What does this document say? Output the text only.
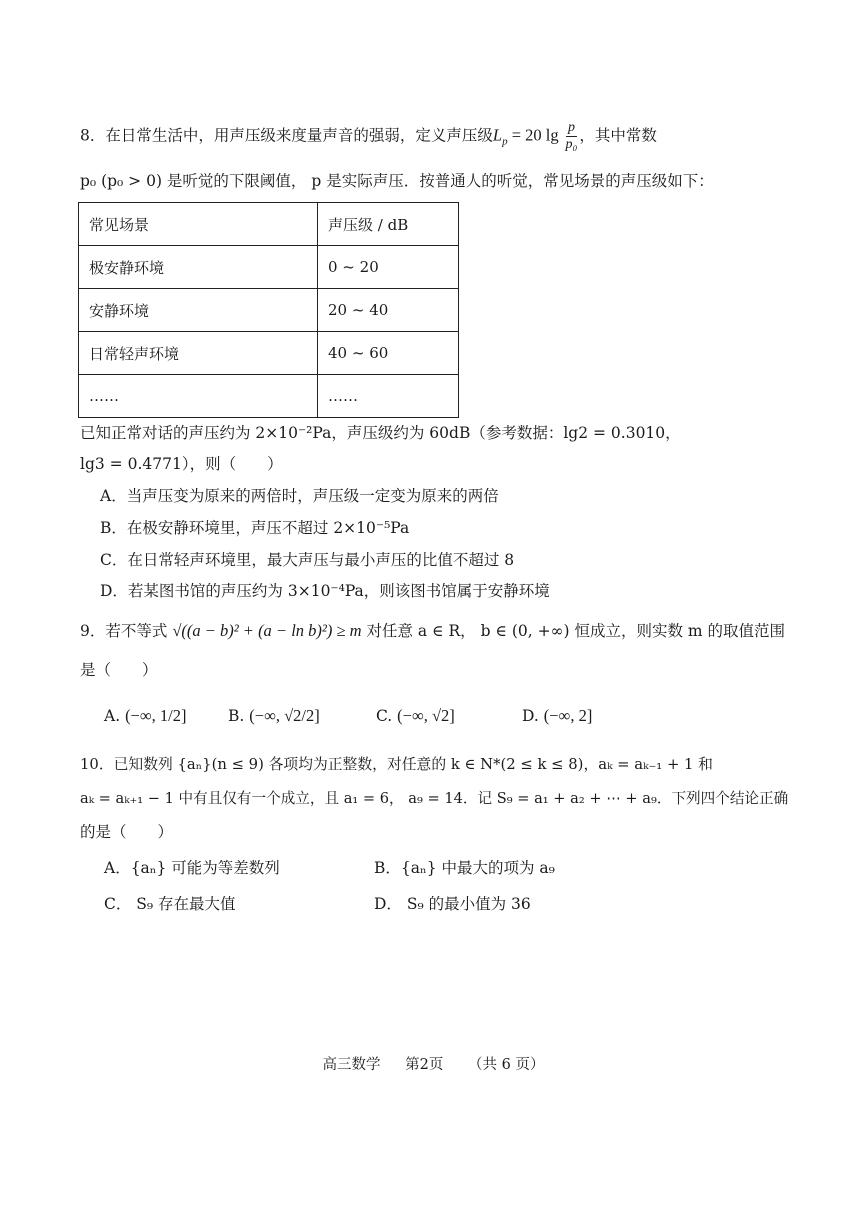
8．在日常生活中，用声压级来度量声音的强弱，定义声压级$L_p = 20$ $\lg \frac{p}{\text{p₀}}$ ，其中常数
p₀ (p₀ > 0) 是听觉的下限阈值， p 是实际声压．按普通人的听觉，常见场景的声压级如下：
常见场景	声压级 / dB
极安静环境	0 ~ 20
安静环境	20 ~ 40
日常轻声环境	40 ~ 60
……	……
已知正常对话的声压约为 2×10⁻²Pa，声压级约为 60dB（参考数据：lg2 = 0.3010，
lg3 = 0.4771），则（　　）
A．当声压变为原来的两倍时，声压级一定变为原来的两倍
B．在极安静环境里，声压不超过 2×10⁻⁵Pa
C．在日常轻声环境里，最大声压与最小声压的比值不超过 8
D．若某图书馆的声压约为 3×10⁻⁴Pa，则该图书馆属于安静环境
9．若不等式 √((a − b)² + (a − ln b)²) ≥ m 对任意 a ∈ R， b ∈ (0, +∞) 恒成立，则实数 m 的取值范围
是（　　）
A. (−∞, 1/2]	B. (−∞, √2/2]	C. (−∞, √2]	D. (−∞, 2]
10．已知数列 {aₙ}(n ≤ 9) 各项均为正整数，对任意的 k ∈ N*(2 ≤ k ≤ 8)，aₖ = aₖ₋₁ + 1 和
aₖ = aₖ₊₁ − 1 中有且仅有一个成立，且 a₁ = 6， a₉ = 14．记 S₉ = a₁ + a₂ + ⋯ + a₉．下列四个结论正确
的是（　　）
A．{aₙ} 可能为等差数列	B．{aₙ} 中最大的项为 a₉
C． S₉ 存在最大值	D． S₉ 的最小值为 36
高三数学 第2页 （共 6 页）
